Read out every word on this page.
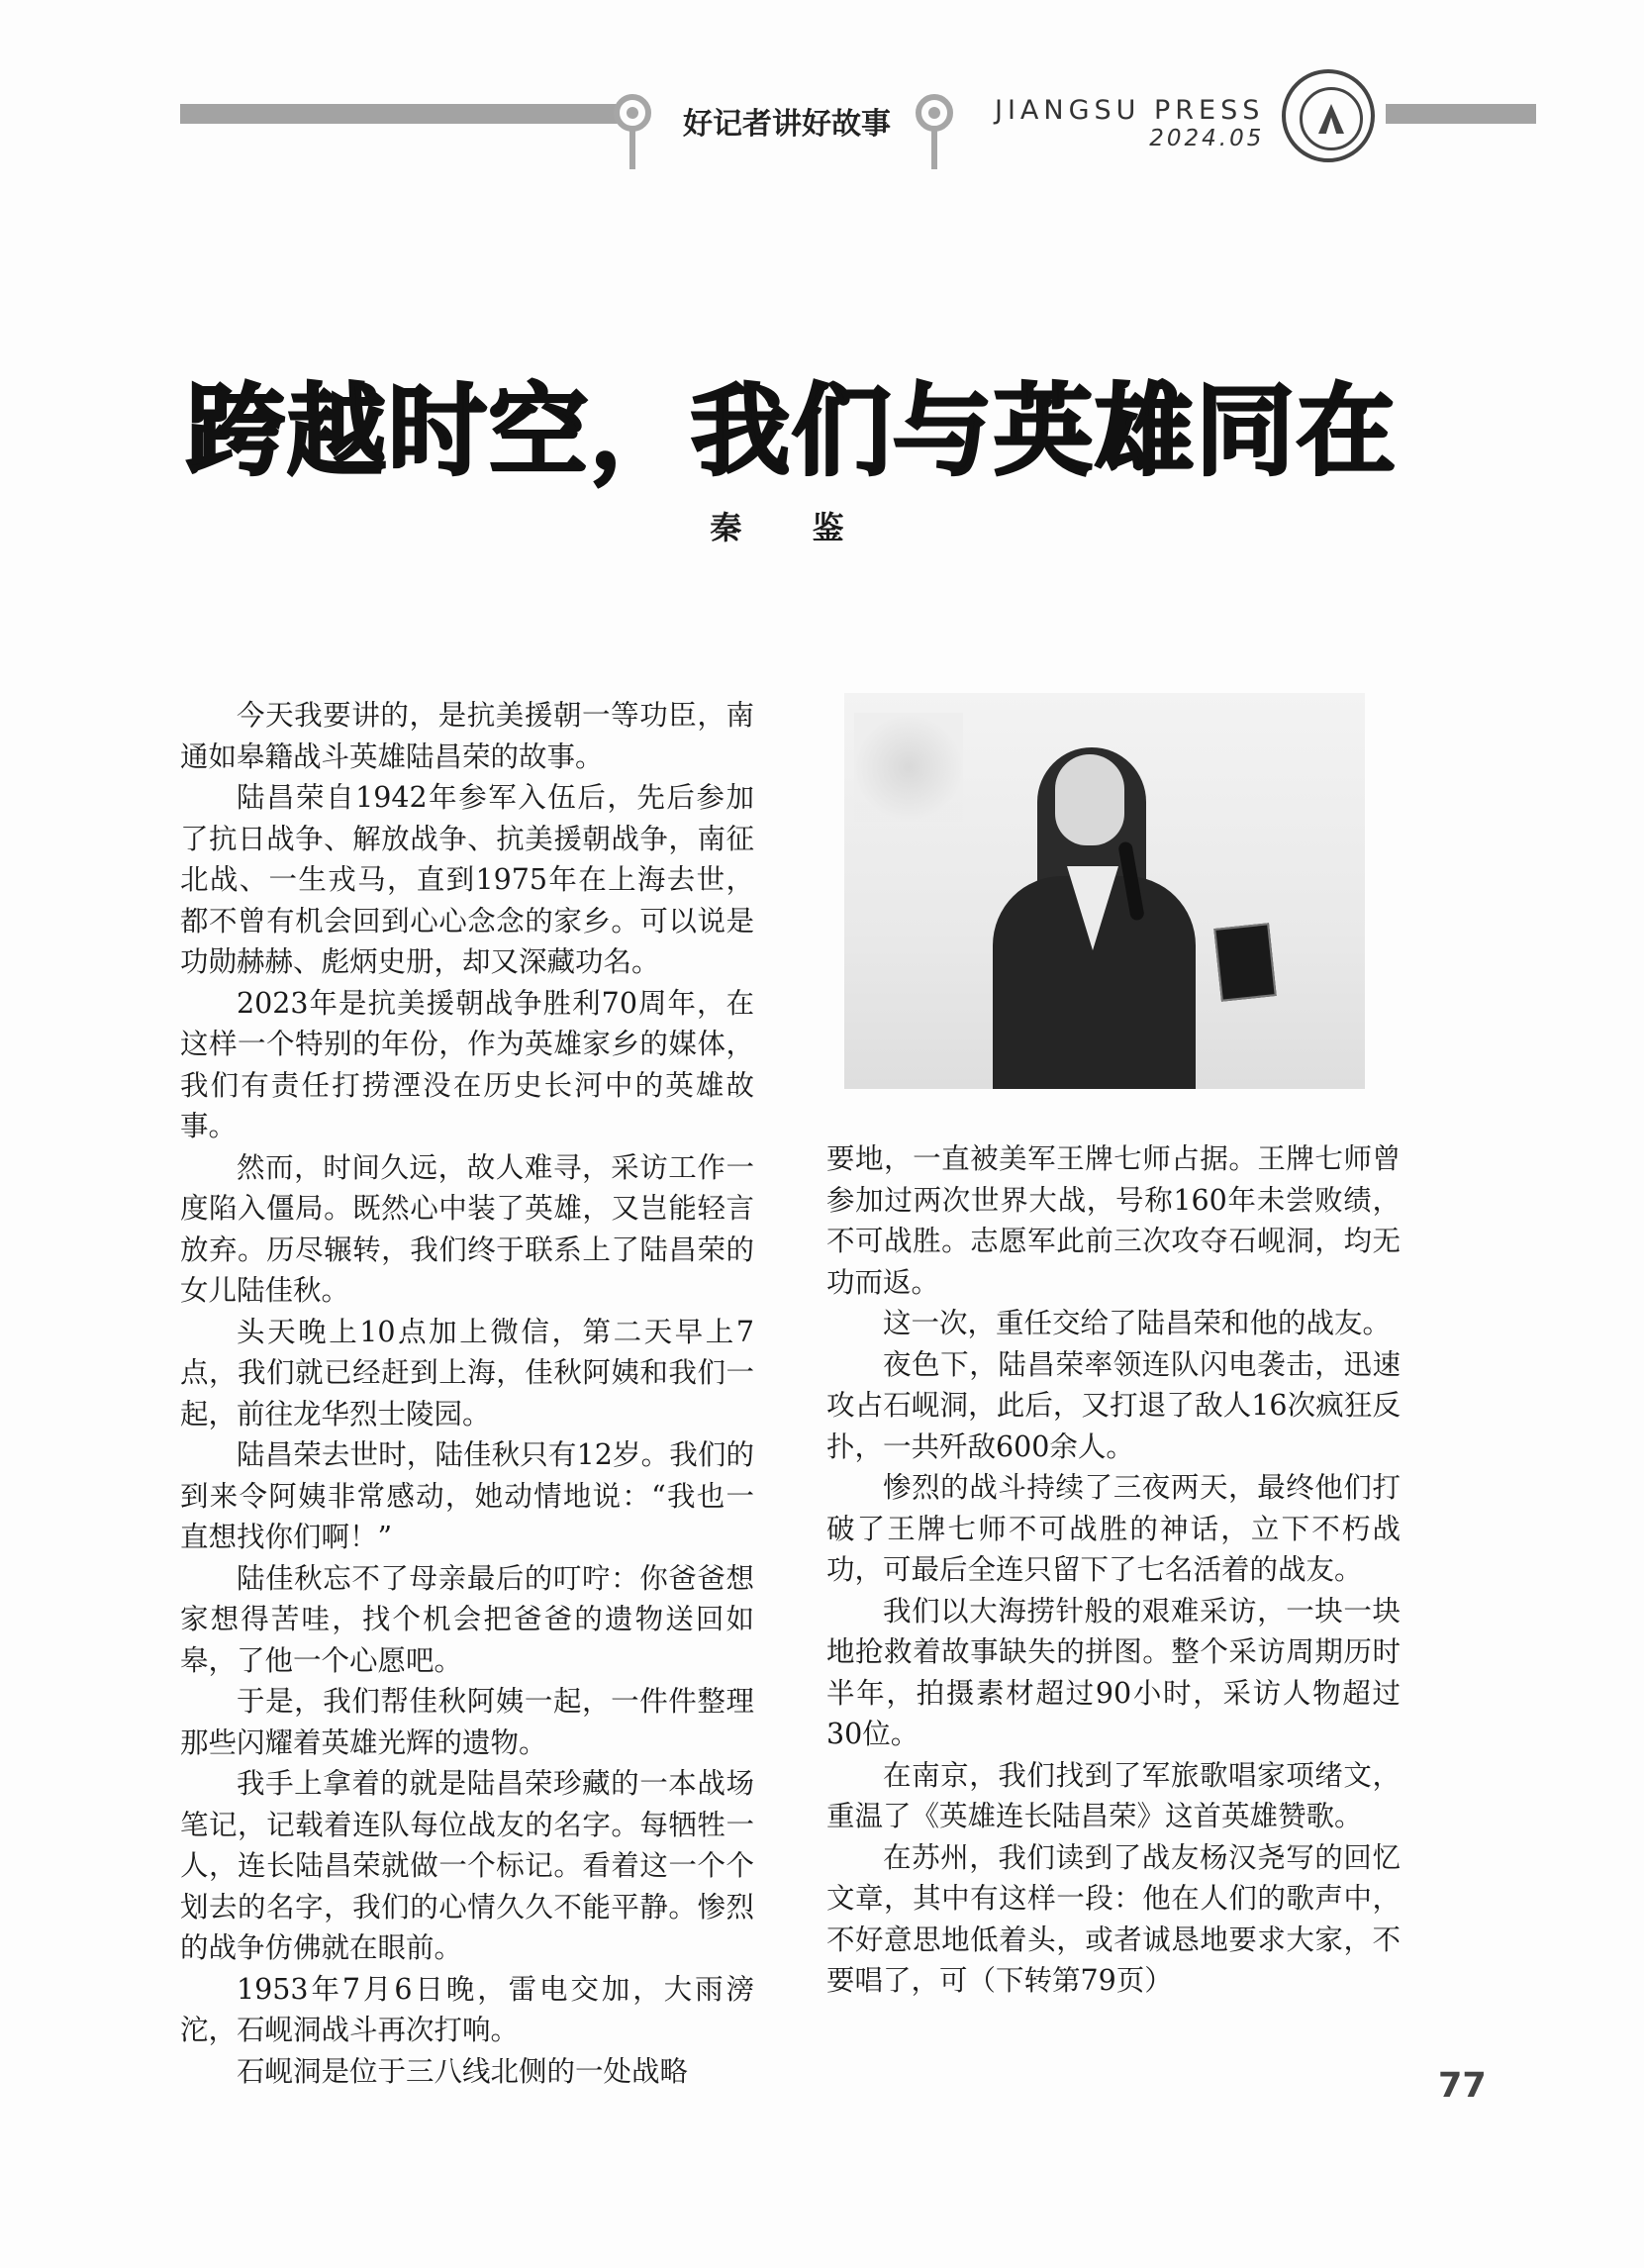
好记者讲好故事	JIANGSU PRESS
2024.05
跨越时空，我们与英雄同在
秦 鉴

今天我要讲的，是抗美援朝一等功臣，南通如皋籍战斗英雄陆昌荣的故事。

陆昌荣自1942年参军入伍后，先后参加了抗日战争、解放战争、抗美援朝战争，南征北战、一生戎马，直到1975年在上海去世，都不曾有机会回到心心念念的家乡。可以说是功勋赫赫、彪炳史册，却又深藏功名。

2023年是抗美援朝战争胜利70周年，在这样一个特别的年份，作为英雄家乡的媒体，我们有责任打捞湮没在历史长河中的英雄故事。

然而，时间久远，故人难寻，采访工作一度陷入僵局。既然心中装了英雄，又岂能轻言放弃。历尽辗转，我们终于联系上了陆昌荣的女儿陆佳秋。

头天晚上10点加上微信，第二天早上7点，我们就已经赶到上海，佳秋阿姨和我们一起，前往龙华烈士陵园。

陆昌荣去世时，陆佳秋只有12岁。我们的到来令阿姨非常感动，她动情地说：“我也一直想找你们啊！”

陆佳秋忘不了母亲最后的叮咛：你爸爸想家想得苦哇，找个机会把爸爸的遗物送回如皋，了他一个心愿吧。

于是，我们帮佳秋阿姨一起，一件件整理那些闪耀着英雄光辉的遗物。

我手上拿着的就是陆昌荣珍藏的一本战场笔记，记载着连队每位战友的名字。每牺牲一人，连长陆昌荣就做一个标记。看着这一个个划去的名字，我们的心情久久不能平静。惨烈的战争仿佛就在眼前。

1953年7月6日晚，雷电交加，大雨滂沱，石岘洞战斗再次打响。

石岘洞是位于三八线北侧的一处战略

要地，一直被美军王牌七师占据。王牌七师曾参加过两次世界大战，号称160年未尝败绩，不可战胜。志愿军此前三次攻夺石岘洞，均无功而返。

这一次，重任交给了陆昌荣和他的战友。

夜色下，陆昌荣率领连队闪电袭击，迅速攻占石岘洞，此后，又打退了敌人16次疯狂反扑，一共歼敌600余人。

惨烈的战斗持续了三夜两天，最终他们打破了王牌七师不可战胜的神话，立下不朽战功，可最后全连只留下了七名活着的战友。

我们以大海捞针般的艰难采访，一块一块地抢救着故事缺失的拼图。整个采访周期历时半年，拍摄素材超过90小时，采访人物超过30位。

在南京，我们找到了军旅歌唱家项绪文，重温了《英雄连长陆昌荣》这首英雄赞歌。

在苏州，我们读到了战友杨汉尧写的回忆文章，其中有这样一段：他在人们的歌声中，不好意思地低着头，或者诚恳地要求大家，不要唱了，可（下转第79页）

77
